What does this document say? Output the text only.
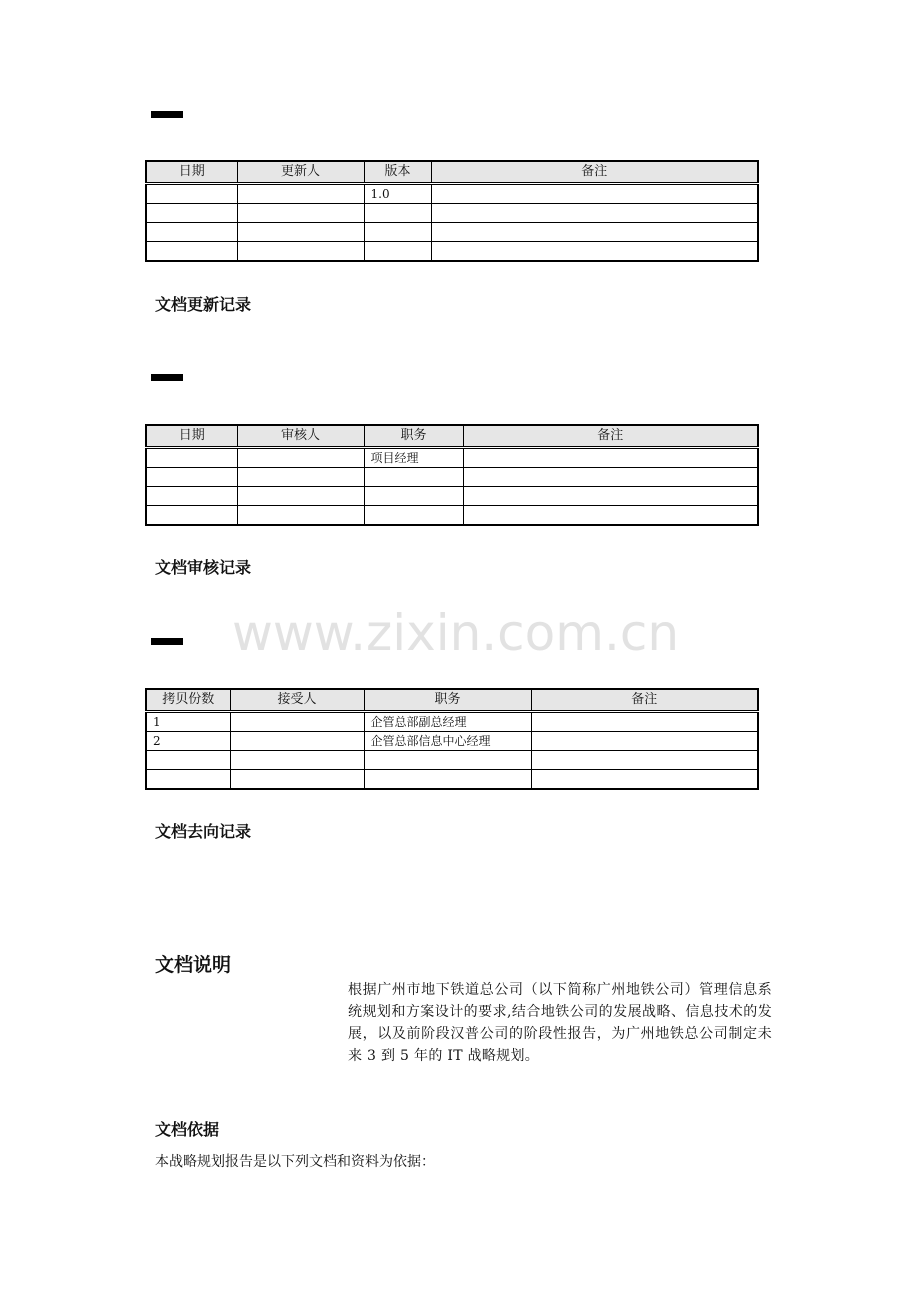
www.zixin.com.cn
日期	更新人	版本	备注
		1.0	

文档更新记录
日期	审核人	职务	备注
		项目经理	

文档审核记录
拷贝份数	接受人	职务	备注
1		企管总部副总经理	
2		企管总部信息中心经理	

文档去向记录
文档说明
根据广州市地下铁道总公司（以下简称广州地铁公司）管理信息系统规划和方案设计的要求,结合地铁公司的发展战略、信息技术的发展，以及前阶段汉普公司的阶段性报告，为广州地铁总公司制定未来 3 到 5 年的 IT 战略规划。
文档依据
本战略规划报告是以下列文档和资料为依据：
